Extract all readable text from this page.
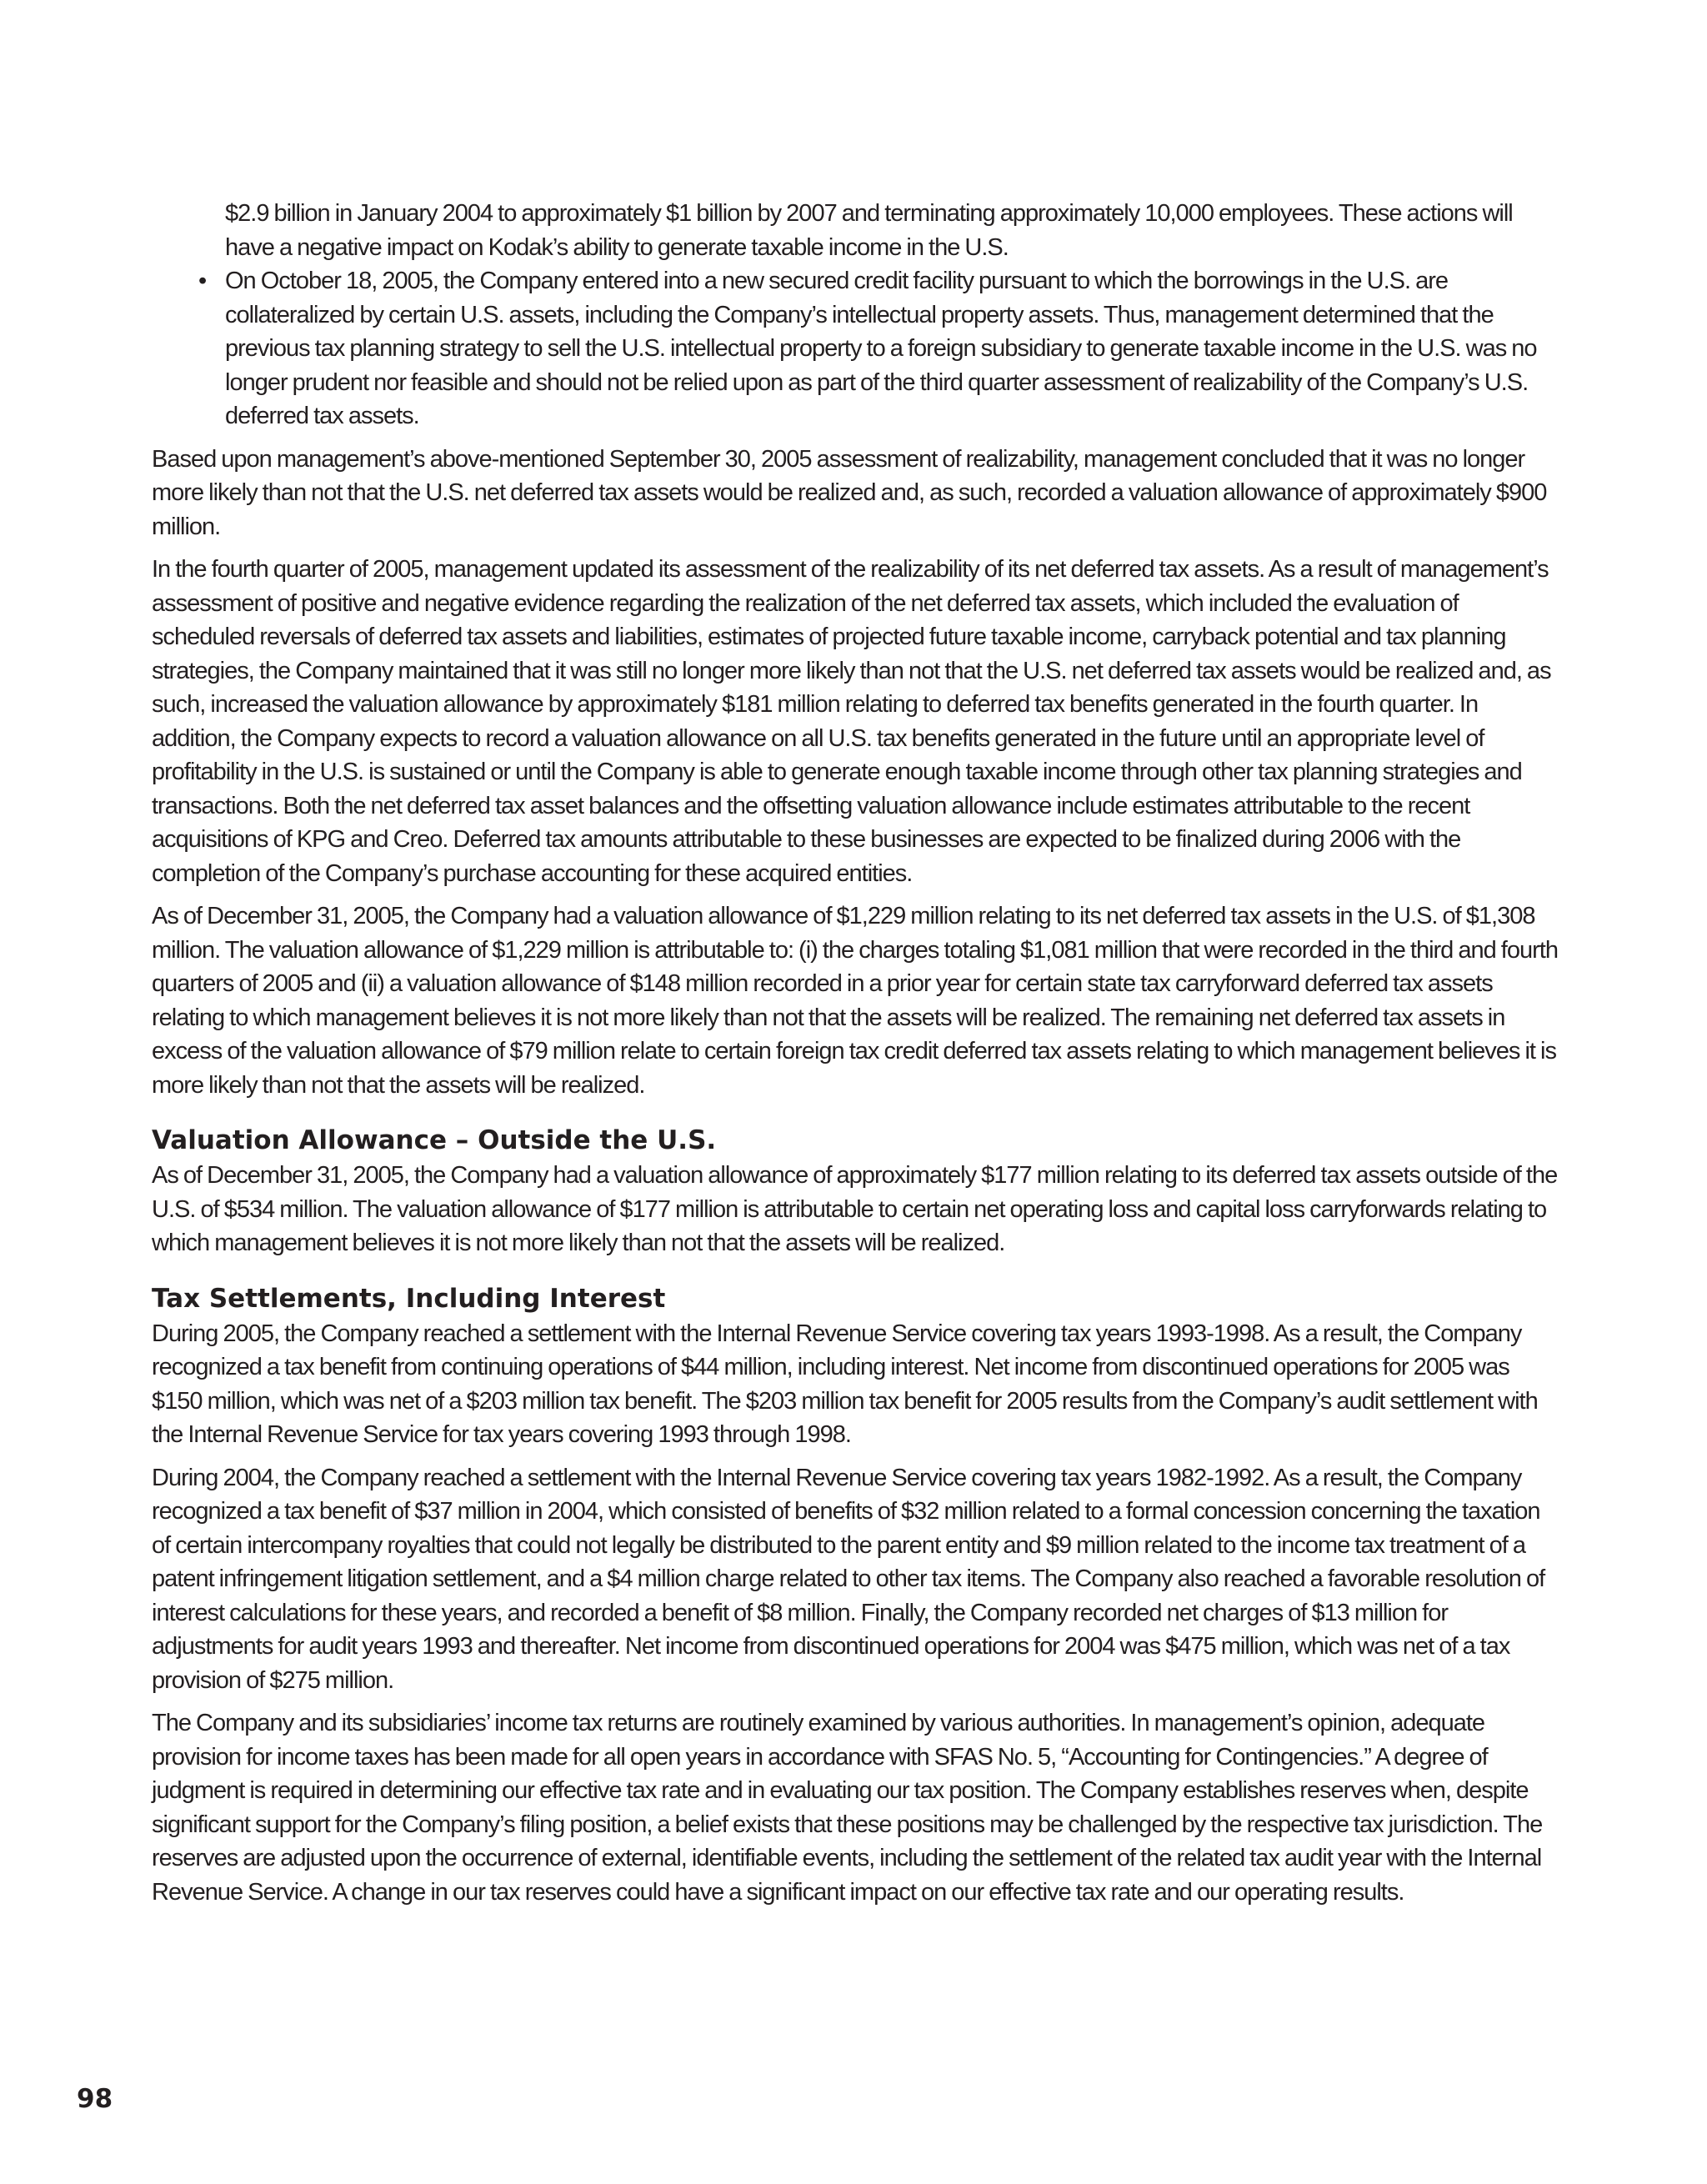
$2.9 billion in January 2004 to approximately $1 billion by 2007 and terminating approximately 10,000 employees. These actions will have a negative impact on Kodak’s ability to generate taxable income in the U.S.

• On October 18, 2005, the Company entered into a new secured credit facility pursuant to which the borrowings in the U.S. are collateralized by certain U.S. assets, including the Company’s intellectual property assets. Thus, management determined that the previous tax planning strategy to sell the U.S. intellectual property to a foreign subsidiary to generate taxable income in the U.S. was no longer prudent nor feasible and should not be relied upon as part of the third quarter assessment of realizability of the Company’s U.S. deferred tax assets.

Based upon management’s above-mentioned September 30, 2005 assessment of realizability, management concluded that it was no longer more likely than not that the U.S. net deferred tax assets would be realized and, as such, recorded a valuation allowance of approximately $900 million.

In the fourth quarter of 2005, management updated its assessment of the realizability of its net deferred tax assets. As a result of management’s assessment of positive and negative evidence regarding the realization of the net deferred tax assets, which included the evaluation of scheduled reversals of deferred tax assets and liabilities, estimates of projected future taxable income, carryback potential and tax planning strategies, the Company maintained that it was still no longer more likely than not that the U.S. net deferred tax assets would be realized and, as such, increased the valuation allowance by approximately $181 million relating to deferred tax benefits generated in the fourth quarter. In addition, the Company expects to record a valuation allowance on all U.S. tax benefits generated in the future until an appropriate level of profitability in the U.S. is sustained or until the Company is able to generate enough taxable income through other tax planning strategies and transactions. Both the net deferred tax asset balances and the offsetting valuation allowance include estimates attributable to the recent acquisitions of KPG and Creo. Deferred tax amounts attributable to these businesses are expected to be finalized during 2006 with the completion of the Company’s purchase accounting for these acquired entities.

As of December 31, 2005, the Company had a valuation allowance of $1,229 million relating to its net deferred tax assets in the U.S. of $1,308 million. The valuation allowance of $1,229 million is attributable to: (i) the charges totaling $1,081 million that were recorded in the third and fourth quarters of 2005 and (ii) a valuation allowance of $148 million recorded in a prior year for certain state tax carryforward deferred tax assets relating to which management believes it is not more likely than not that the assets will be realized. The remaining net deferred tax assets in excess of the valuation allowance of $79 million relate to certain foreign tax credit deferred tax assets relating to which management believes it is more likely than not that the assets will be realized.

Valuation Allowance – Outside the U.S.

As of December 31, 2005, the Company had a valuation allowance of approximately $177 million relating to its deferred tax assets outside of the U.S. of $534 million. The valuation allowance of $177 million is attributable to certain net operating loss and capital loss carryforwards relating to which management believes it is not more likely than not that the assets will be realized.

Tax Settlements, Including Interest

During 2005, the Company reached a settlement with the Internal Revenue Service covering tax years 1993-1998. As a result, the Company recognized a tax benefit from continuing operations of $44 million, including interest. Net income from discontinued operations for 2005 was $150 million, which was net of a $203 million tax benefit. The $203 million tax benefit for 2005 results from the Company’s audit settlement with the Internal Revenue Service for tax years covering 1993 through 1998.

During 2004, the Company reached a settlement with the Internal Revenue Service covering tax years 1982-1992. As a result, the Company recognized a tax benefit of $37 million in 2004, which consisted of benefits of $32 million related to a formal concession concerning the taxation of certain intercompany royalties that could not legally be distributed to the parent entity and $9 million related to the income tax treatment of a patent infringement litigation settlement, and a $4 million charge related to other tax items. The Company also reached a favorable resolution of interest calculations for these years, and recorded a benefit of $8 million. Finally, the Company recorded net charges of $13 million for adjustments for audit years 1993 and thereafter. Net income from discontinued operations for 2004 was $475 million, which was net of a tax provision of $275 million.

The Company and its subsidiaries’ income tax returns are routinely examined by various authorities. In management’s opinion, adequate provision for income taxes has been made for all open years in accordance with SFAS No. 5, “Accounting for Contingencies.” A degree of judgment is required in determining our effective tax rate and in evaluating our tax position. The Company establishes reserves when, despite significant support for the Company’s filing position, a belief exists that these positions may be challenged by the respective tax jurisdiction. The reserves are adjusted upon the occurrence of external, identifiable events, including the settlement of the related tax audit year with the Internal Revenue Service. A change in our tax reserves could have a significant impact on our effective tax rate and our operating results.

98
